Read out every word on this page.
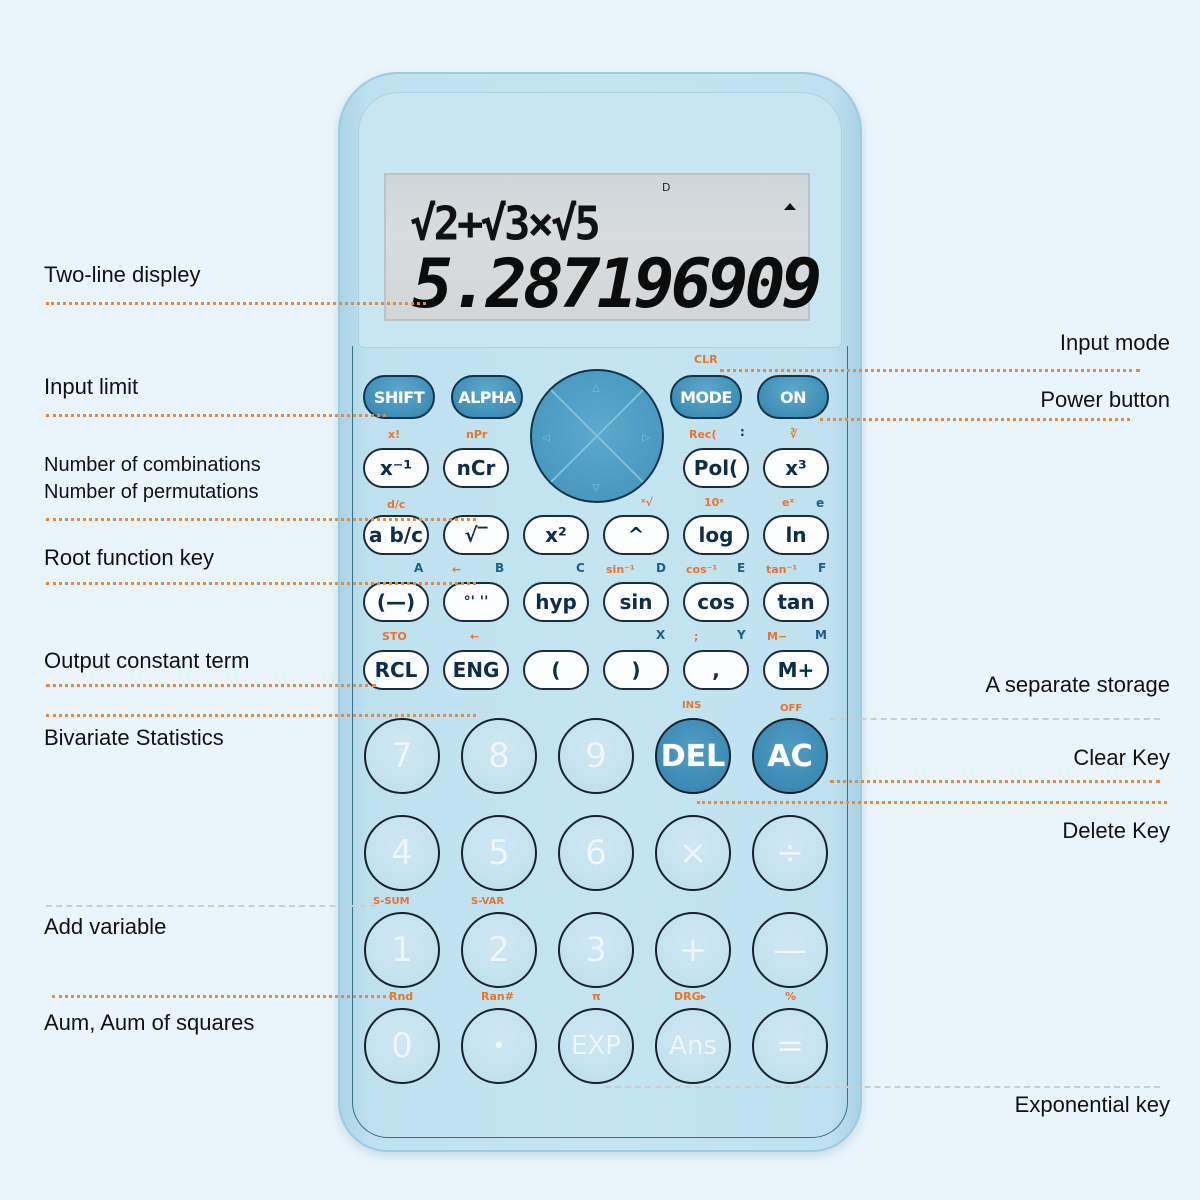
D
√2+√3×√5
5.287196909
SHIFT ALPHA
CLR
MODE	ON
▵
▿
◃	▹
x!	nPr	Rec( :	∛
x⁻¹ nCr	Pol( x³
d/c	ˣ√	10ˣ	eˣ e
a b/c √‾	x²	^	log	ln
A	←	B	C sin⁻¹ D cos⁻¹ E tan⁻¹ F
(—)	°' '' hyp sin cos tan
STO	←	X	;	Y M− M
RCL ENG	(	)	,	M+
INS	OFF
7 8 9 DEL AC
4 5 6 × ÷
S-SUM	S-VAR
1 2 3 + —
Rnd	Ran#	π	DRG▸	%
0	•	EXP Ans =
Two-line displey
Input limit
Number of combinations
Number of permutations
Root function key
Output constant term
Bivariate Statistics
Add variable
Aum, Aum of squares
Input mode
Power button
A separate storage
Clear Key
Delete Key
Exponential key
